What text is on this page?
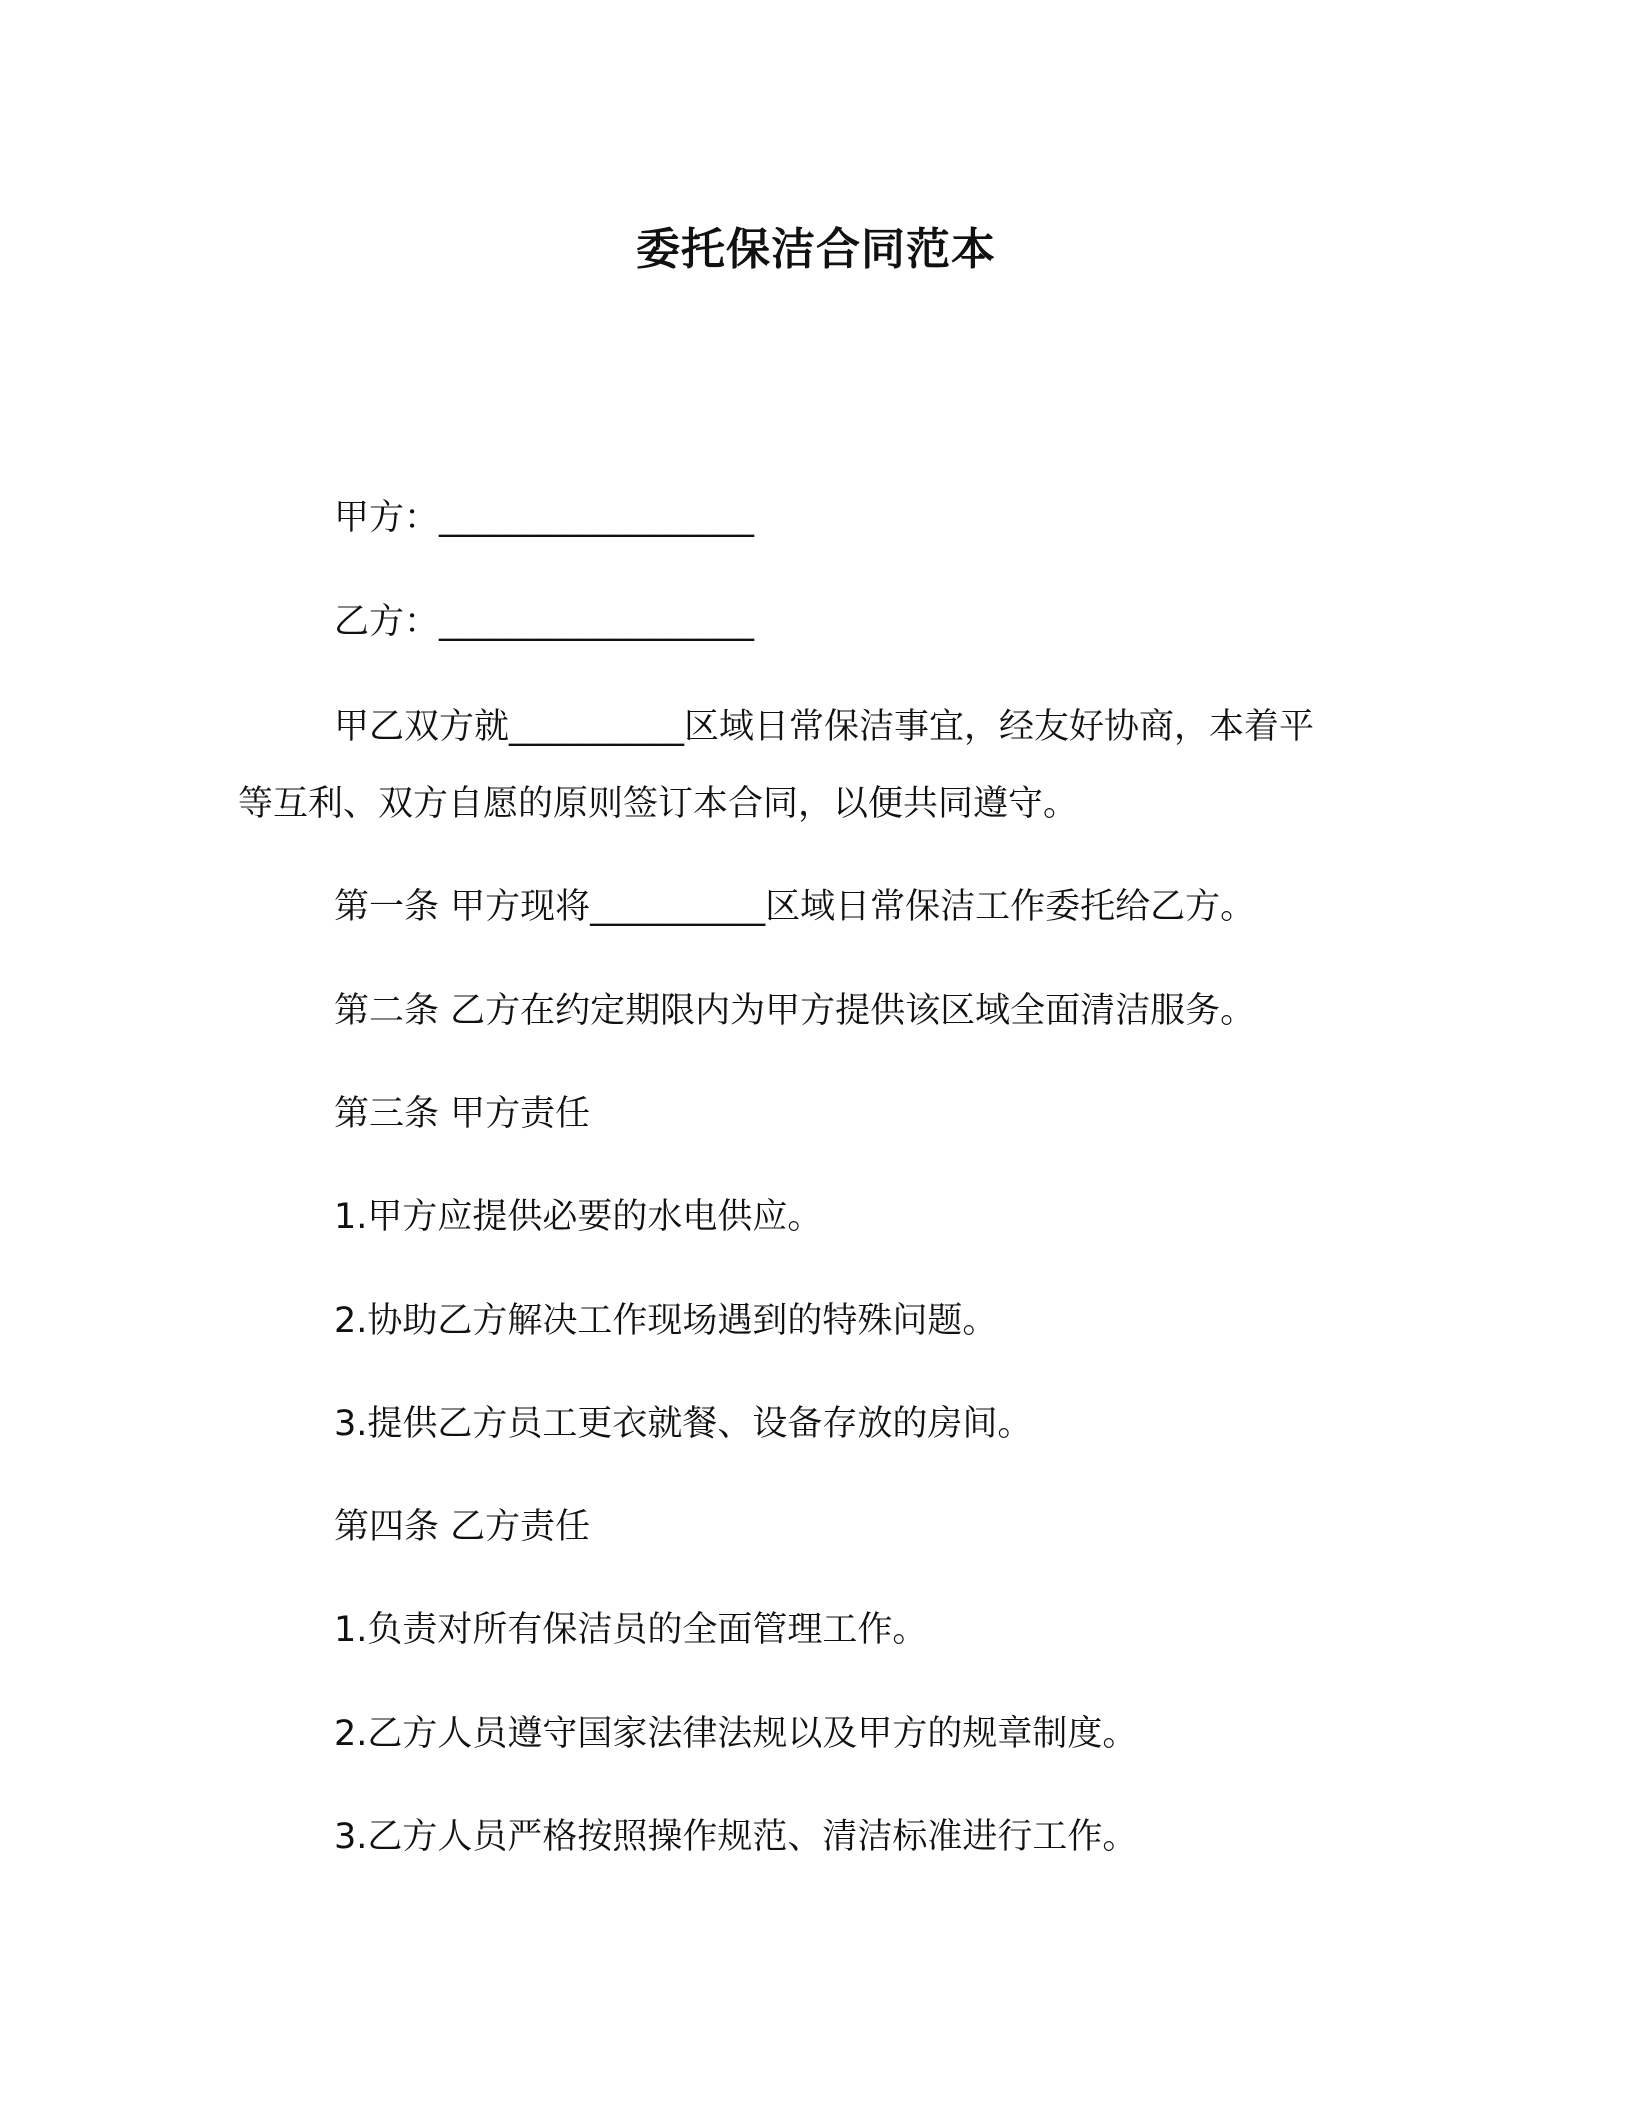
委托保洁合同范本
甲方：__________________
乙方：__________________
甲乙双方就__________区域日常保洁事宜，经友好协商，本着平
等互利、双方自愿的原则签订本合同，以便共同遵守。
第一条 甲方现将__________区域日常保洁工作委托给乙方。
第二条 乙方在约定期限内为甲方提供该区域全面清洁服务。
第三条 甲方责任
1.甲方应提供必要的水电供应。
2.协助乙方解决工作现场遇到的特殊问题。
3.提供乙方员工更衣就餐、设备存放的房间。
第四条 乙方责任
1.负责对所有保洁员的全面管理工作。
2.乙方人员遵守国家法律法规以及甲方的规章制度。
3.乙方人员严格按照操作规范、清洁标准进行工作。
